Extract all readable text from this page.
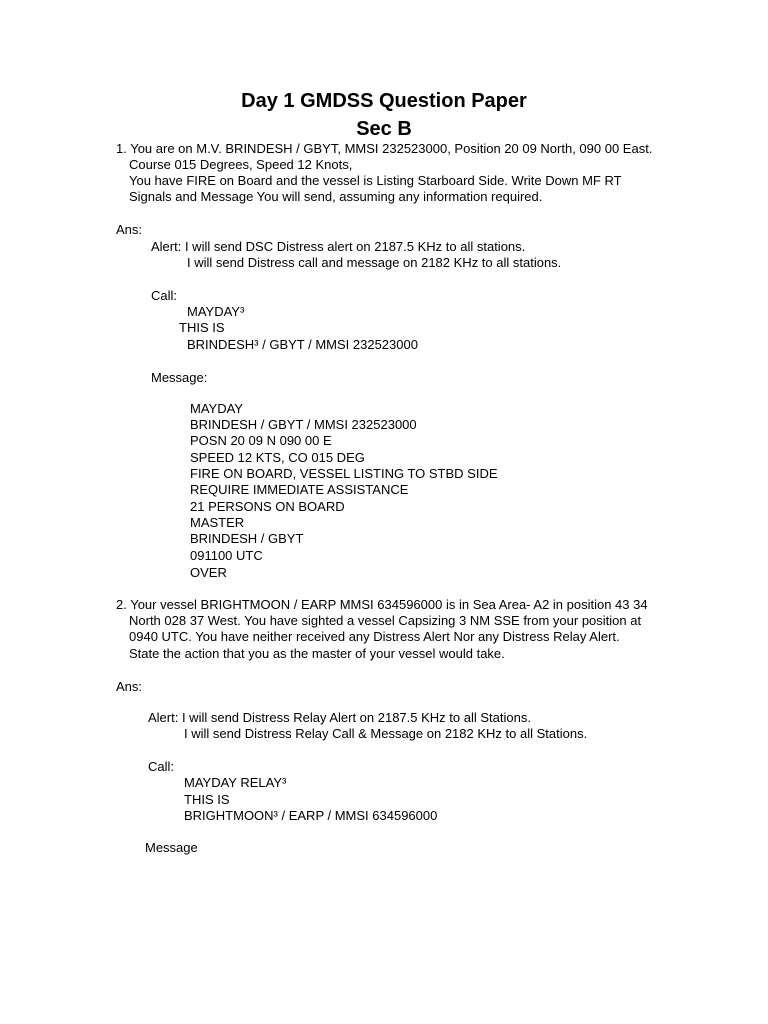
Day 1 GMDSS Question Paper
Sec B
1. You are on M.V. BRINDESH / GBYT, MMSI 232523000, Position 20 09 North, 090 00 East.
Course 015 Degrees, Speed 12 Knots,
You have FIRE on Board and the vessel is Listing Starboard Side. Write Down MF RT
Signals and Message You will send, assuming any information required.
Ans:
Alert: I will send DSC Distress alert on 2187.5 KHz to all stations.
I will send Distress call and message on 2182 KHz to all stations.
Call:
MAYDAY³
THIS IS
BRINDESH³ / GBYT / MMSI 232523000
Message:
MAYDAY
BRINDESH / GBYT / MMSI 232523000
POSN 20 09 N 090 00 E
SPEED 12 KTS, CO 015 DEG
FIRE ON BOARD, VESSEL LISTING TO STBD SIDE
REQUIRE IMMEDIATE ASSISTANCE
21 PERSONS ON BOARD
MASTER
BRINDESH / GBYT
091100 UTC
OVER
2. Your vessel BRIGHTMOON / EARP MMSI 634596000 is in Sea Area- A2 in position 43 34
North 028 37 West. You have sighted a vessel Capsizing 3 NM SSE from your position at
0940 UTC. You have neither received any Distress Alert Nor any Distress Relay Alert.
State the action that you as the master of your vessel would take.
Ans:
Alert: I will send Distress Relay Alert on 2187.5 KHz to all Stations.
I will send Distress Relay Call & Message on 2182 KHz to all Stations.
Call:
MAYDAY RELAY³
THIS IS
BRIGHTMOON³ / EARP / MMSI 634596000
Message
